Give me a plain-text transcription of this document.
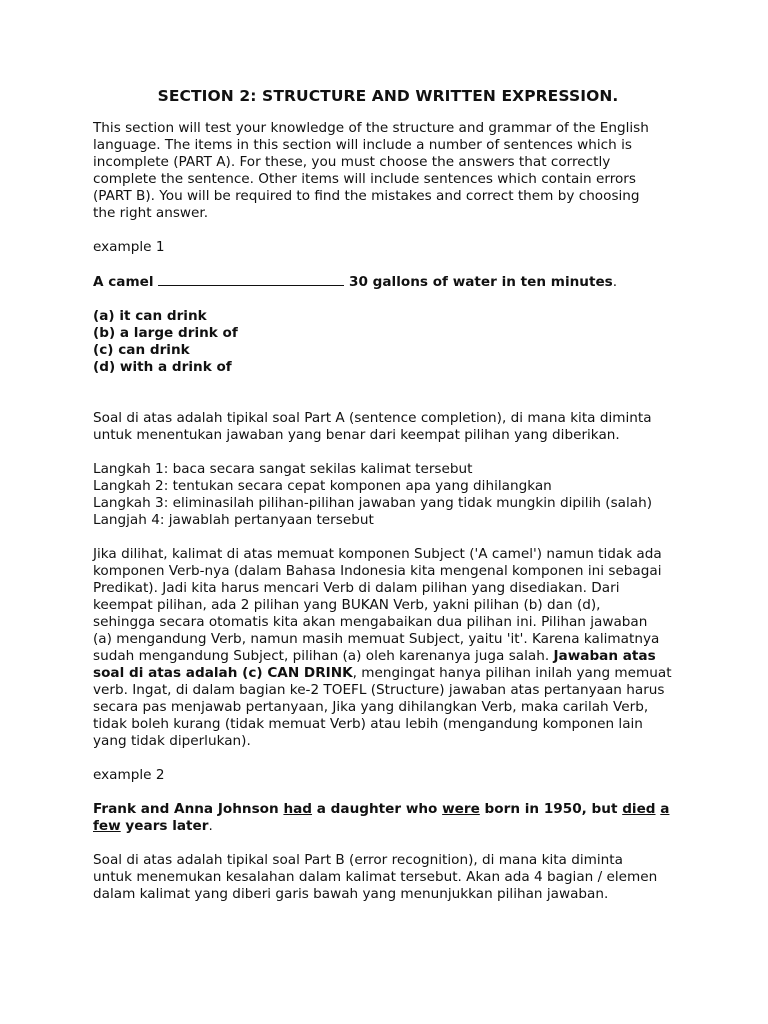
SECTION 2: STRUCTURE AND WRITTEN EXPRESSION.

This section will test your knowledge of the structure and grammar of the English
language. The items in this section will include a number of sentences which is
incomplete (PART A). For these, you must choose the answers that correctly
complete the sentence. Other items will include sentences which contain errors
(PART B). You will be required to find the mistakes and correct them by choosing
the right answer.

example 1

A camel	30 gallons of water in ten minutes.

(a) it can drink
(b) a large drink of
(c) can drink
(d) with a drink of

Soal di atas adalah tipikal soal Part A (sentence completion), di mana kita diminta
untuk menentukan jawaban yang benar dari keempat pilihan yang diberikan.

Langkah 1: baca secara sangat sekilas kalimat tersebut
Langkah 2: tentukan secara cepat komponen apa yang dihilangkan
Langkah 3: eliminasilah pilihan-pilihan jawaban yang tidak mungkin dipilih (salah)
Langjah 4: jawablah pertanyaan tersebut

Jika dilihat, kalimat di atas memuat komponen Subject ('A camel') namun tidak ada
komponen Verb-nya (dalam Bahasa Indonesia kita mengenal komponen ini sebagai
Predikat). Jadi kita harus mencari Verb di dalam pilihan yang disediakan. Dari
keempat pilihan, ada 2 pilihan yang BUKAN Verb, yakni pilihan (b) dan (d),
sehingga secara otomatis kita akan mengabaikan dua pilihan ini. Pilihan jawaban
(a) mengandung Verb, namun masih memuat Subject, yaitu 'it'. Karena kalimatnya
sudah mengandung Subject, pilihan (a) oleh karenanya juga salah. Jawaban atas
soal di atas adalah (c) CAN DRINK, mengingat hanya pilihan inilah yang memuat
verb. Ingat, di dalam bagian ke-2 TOEFL (Structure) jawaban atas pertanyaan harus
secara pas menjawab pertanyaan, Jika yang dihilangkan Verb, maka carilah Verb,
tidak boleh kurang (tidak memuat Verb) atau lebih (mengandung komponen lain
yang tidak diperlukan).

example 2

Frank and Anna Johnson had a daughter who were born in 1950, but died a
few years later.

Soal di atas adalah tipikal soal Part B (error recognition), di mana kita diminta
untuk menemukan kesalahan dalam kalimat tersebut. Akan ada 4 bagian / elemen
dalam kalimat yang diberi garis bawah yang menunjukkan pilihan jawaban.
